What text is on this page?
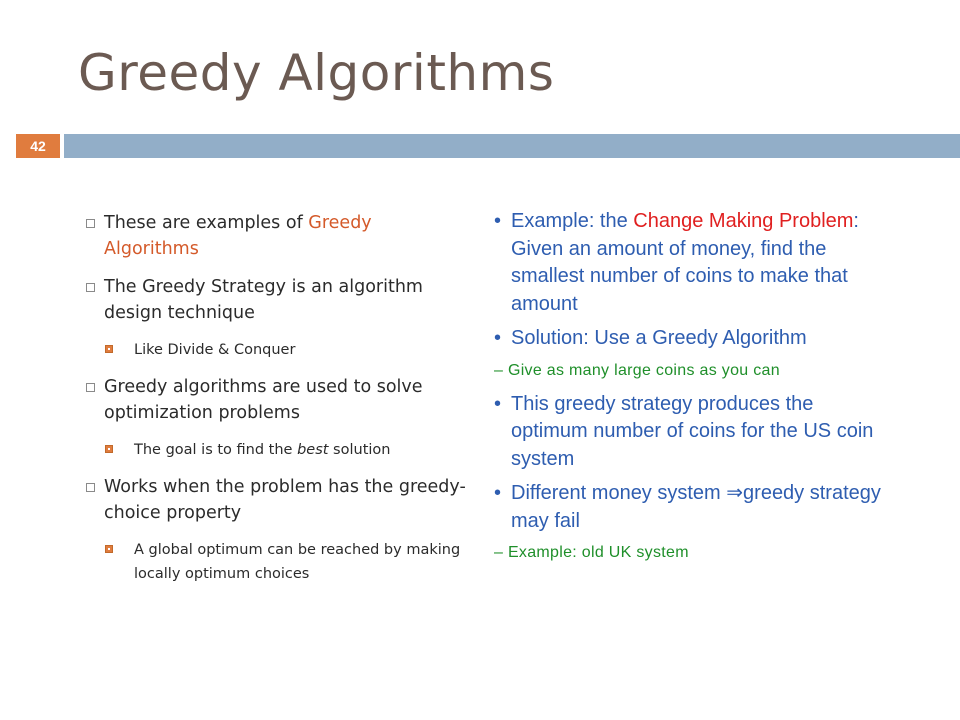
Greedy Algorithms
42
These are examples of Greedy Algorithms
The Greedy Strategy is an algorithm design technique
Like Divide & Conquer
Greedy algorithms are used to solve optimization problems
The goal is to find the best solution
Works when the problem has the greedy-choice property
A global optimum can be reached by making locally optimum choices
• Example: the Change Making Problem: Given an amount of money, find the smallest number of coins to make that amount
• Solution: Use a Greedy Algorithm
– Give as many large coins as you can
• This greedy strategy produces the optimum number of coins for the US coin system
• Different money system ⇒greedy strategy may fail
– Example: old UK system
